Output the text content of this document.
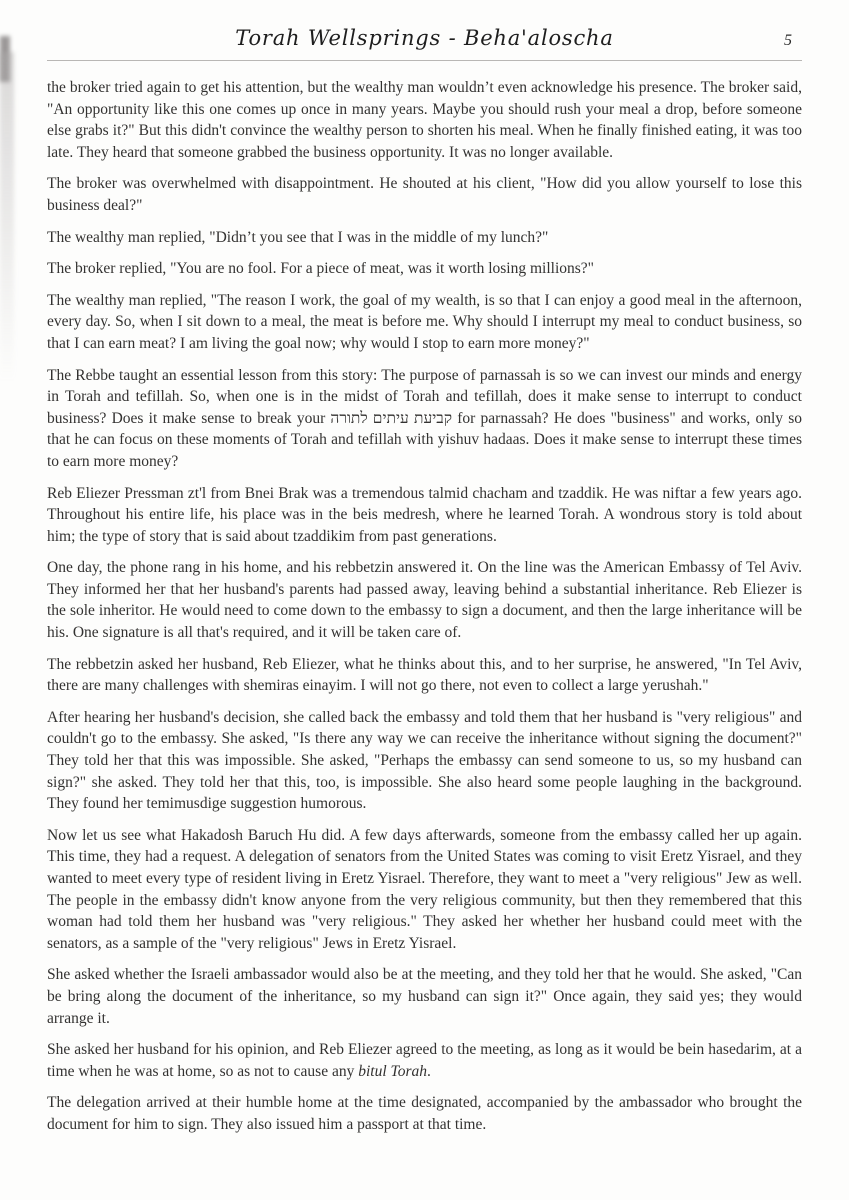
Torah Wellsprings - Beha'aloscha	5

the broker tried again to get his attention, but the wealthy man wouldn’t even acknowledge his presence. The broker said, "An opportunity like this one comes up once in many years. Maybe you should rush your meal a drop, before someone else grabs it?" But this didn't convince the wealthy person to shorten his meal. When he finally finished eating, it was too late. They heard that someone grabbed the business opportunity. It was no longer available.

The broker was overwhelmed with disappointment. He shouted at his client, "How did you allow yourself to lose this business deal?"

The wealthy man replied, "Didn’t you see that I was in the middle of my lunch?"

The broker replied, "You are no fool. For a piece of meat, was it worth losing millions?"

The wealthy man replied, "The reason I work, the goal of my wealth, is so that I can enjoy a good meal in the afternoon, every day. So, when I sit down to a meal, the meat is before me. Why should I interrupt my meal to conduct business, so that I can earn meat? I am living the goal now; why would I stop to earn more money?"

The Rebbe taught an essential lesson from this story: The purpose of parnassah is so we can invest our minds and energy in Torah and tefillah. So, when one is in the midst of Torah and tefillah, does it make sense to interrupt to conduct business? Does it make sense to break your קביעת עיתים לתורה for parnassah? He does "business" and works, only so that he can focus on these moments of Torah and tefillah with yishuv hadaas. Does it make sense to interrupt these times to earn more money?

Reb Eliezer Pressman zt'l from Bnei Brak was a tremendous talmid chacham and tzaddik. He was niftar a few years ago. Throughout his entire life, his place was in the beis medresh, where he learned Torah. A wondrous story is told about him; the type of story that is said about tzaddikim from past generations.

One day, the phone rang in his home, and his rebbetzin answered it. On the line was the American Embassy of Tel Aviv. They informed her that her husband's parents had passed away, leaving behind a substantial inheritance. Reb Eliezer is the sole inheritor. He would need to come down to the embassy to sign a document, and then the large inheritance will be his. One signature is all that's required, and it will be taken care of.

The rebbetzin asked her husband, Reb Eliezer, what he thinks about this, and to her surprise, he answered, "In Tel Aviv, there are many challenges with shemiras einayim. I will not go there, not even to collect a large yerushah."

After hearing her husband's decision, she called back the embassy and told them that her husband is "very religious" and couldn't go to the embassy. She asked, "Is there any way we can receive the inheritance without signing the document?" They told her that this was impossible. She asked, "Perhaps the embassy can send someone to us, so my husband can sign?" she asked. They told her that this, too, is impossible. She also heard some people laughing in the background. They found her temimusdige suggestion humorous.

Now let us see what Hakadosh Baruch Hu did. A few days afterwards, someone from the embassy called her up again. This time, they had a request. A delegation of senators from the United States was coming to visit Eretz Yisrael, and they wanted to meet every type of resident living in Eretz Yisrael. Therefore, they want to meet a "very religious" Jew as well. The people in the embassy didn't know anyone from the very religious community, but then they remembered that this woman had told them her husband was "very religious." They asked her whether her husband could meet with the senators, as a sample of the "very religious" Jews in Eretz Yisrael.

She asked whether the Israeli ambassador would also be at the meeting, and they told her that he would. She asked, "Can be bring along the document of the inheritance, so my husband can sign it?" Once again, they said yes; they would arrange it.

She asked her husband for his opinion, and Reb Eliezer agreed to the meeting, as long as it would be bein hasedarim, at a time when he was at home, so as not to cause any bitul Torah.

The delegation arrived at their humble home at the time designated, accompanied by the ambassador who brought the document for him to sign. They also issued him a passport at that time.
